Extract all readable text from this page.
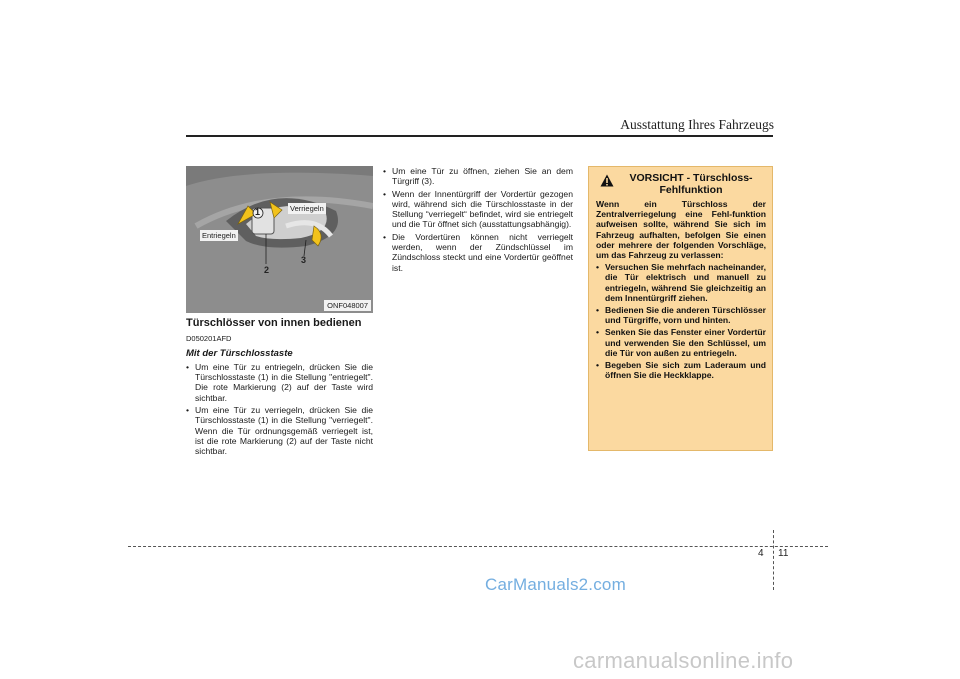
Ausstattung Ihres Fahrzeugs
Entriegeln
Verriegeln
1
2
3
ONF048007
Türschlösser von innen bedienen
D050201AFD
Mit der Türschlosstaste
• Um eine Tür zu entriegeln, drücken Sie die Türschlosstaste (1) in die Stellung "entriegelt". Die rote Markierung (2) auf der Taste wird sichtbar.
• Um eine Tür zu verriegeln, drücken Sie die Türschlosstaste (1) in die Stellung "verriegelt". Wenn die Tür ordnungsgemäß verriegelt ist, ist die rote Markierung (2) auf der Taste nicht sichtbar.
• Um eine Tür zu öffnen, ziehen Sie an dem Türgriff (3).
• Wenn der Innentürgriff der Vordertür gezogen wird, während sich die Türschlosstaste in der Stellung “verriegelt“ befindet, wird sie entriegelt und die Tür öffnet sich (ausstattungsabhängig).
• Die Vordertüren können nicht verriegelt werden, wenn der Zündschlüssel im Zündschloss steckt und eine Vordertür geöffnet ist.
VORSICHT - Türschloss-Fehlfunktion
Wenn ein Türschloss der Zentralverriegelung eine Fehl-funktion aufweisen sollte, während Sie sich im Fahrzeug aufhalten, befolgen Sie einen oder mehrere der folgenden Vorschläge, um das Fahrzeug zu verlassen:
• Versuchen Sie mehrfach nacheinander, die Tür elektrisch und manuell zu entriegeln, während Sie gleichzeitig an dem Innentürgriff ziehen.
• Bedienen Sie die anderen Türschlösser und Türgriffe, vorn und hinten.
• Senken Sie das Fenster einer Vordertür und verwenden Sie den Schlüssel, um die Tür von außen zu entriegeln.
• Begeben Sie sich zum Laderaum und öffnen Sie die Heckklappe.
4 11
CarManuals2.com
carmanualsonline.info
